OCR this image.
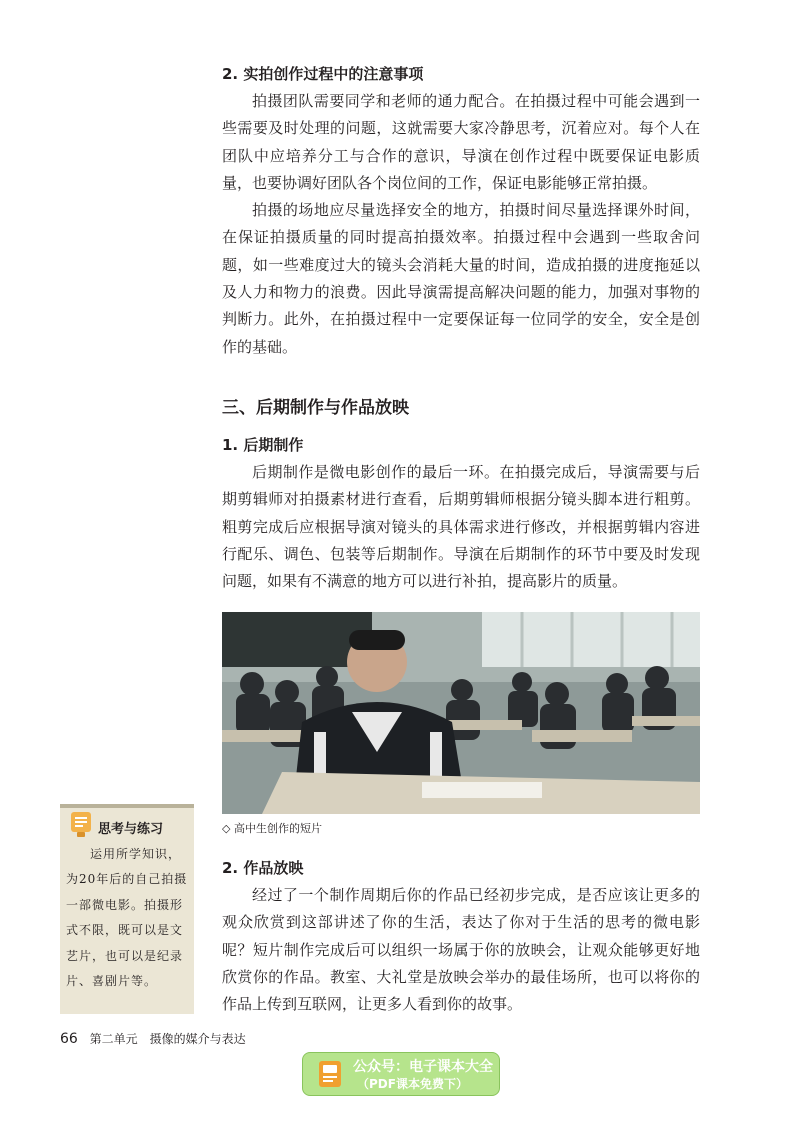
2. 实拍创作过程中的注意事项

拍摄团队需要同学和老师的通力配合。在拍摄过程中可能会遇到一些需要及时处理的问题，这就需要大家冷静思考，沉着应对。每个人在团队中应培养分工与合作的意识，导演在创作过程中既要保证电影质量，也要协调好团队各个岗位间的工作，保证电影能够正常拍摄。

拍摄的场地应尽量选择安全的地方，拍摄时间尽量选择课外时间，在保证拍摄质量的同时提高拍摄效率。拍摄过程中会遇到一些取舍问题，如一些难度过大的镜头会消耗大量的时间，造成拍摄的进度拖延以及人力和物力的浪费。因此导演需提高解决问题的能力，加强对事物的判断力。此外，在拍摄过程中一定要保证每一位同学的安全，安全是创作的基础。

三、后期制作与作品放映
1. 后期制作

后期制作是微电影创作的最后一环。在拍摄完成后，导演需要与后期剪辑师对拍摄素材进行查看，后期剪辑师根据分镜头脚本进行粗剪。粗剪完成后应根据导演对镜头的具体需求进行修改，并根据剪辑内容进行配乐、调色、包装等后期制作。导演在后期制作的环节中要及时发现问题，如果有不满意的地方可以进行补拍，提高影片的质量。

◇ 高中生创作的短片
2. 作品放映

经过了一个制作周期后你的作品已经初步完成，是否应该让更多的观众欣赏到这部讲述了你的生活，表达了你对于生活的思考的微电影呢？短片制作完成后可以组织一场属于你的放映会，让观众能够更好地欣赏你的作品。教室、大礼堂是放映会举办的最佳场所，也可以将你的作品上传到互联网，让更多人看到你的故事。

思考与练习
运用所学知识，为20年后的自己拍摄一部微电影。拍摄形式不限，既可以是文艺片，也可以是纪录片、喜剧片等。
66 第二单元　摄像的媒介与表达
公众号：电子课本大全
（PDF课本免费下）
